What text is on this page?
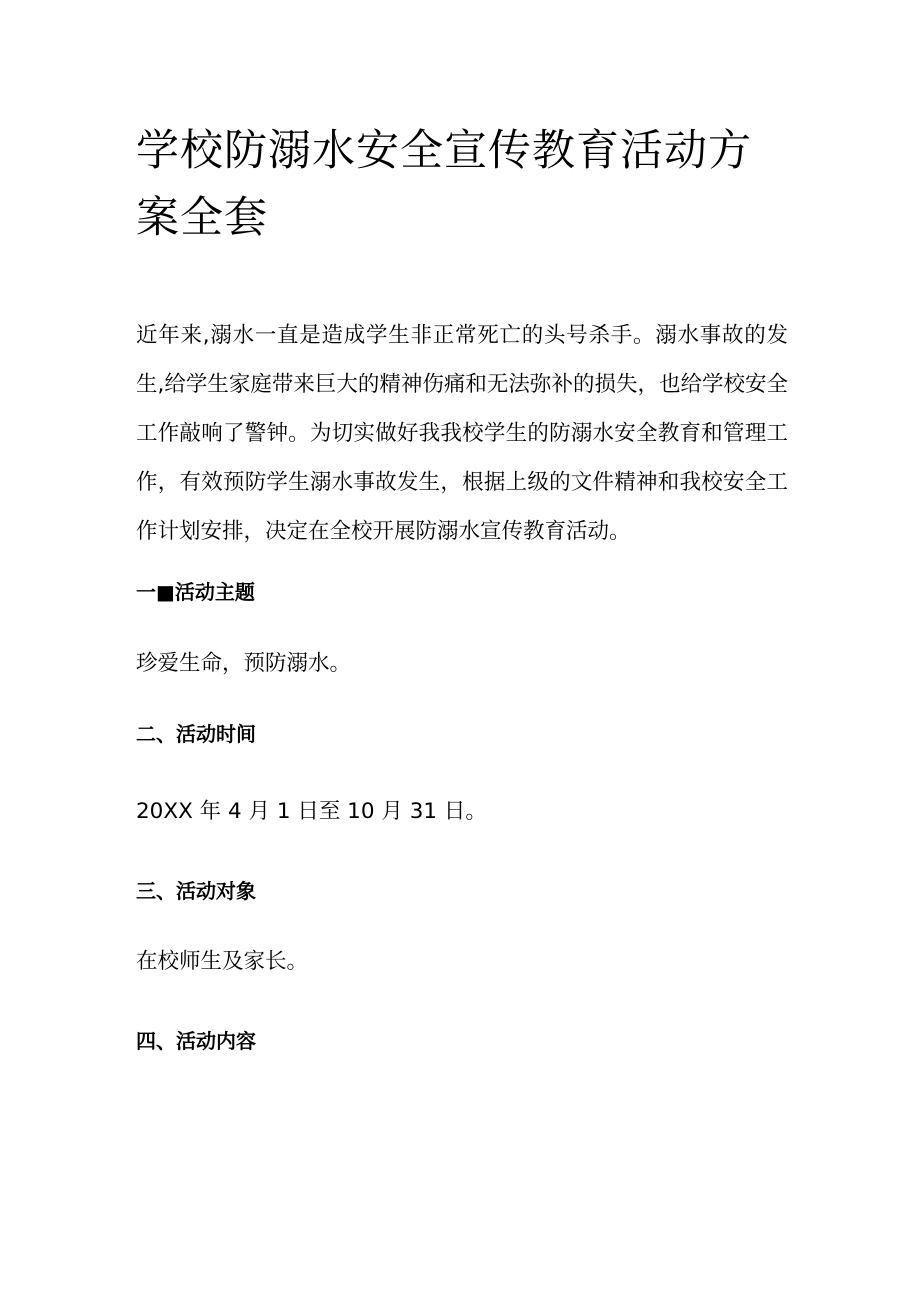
学校防溺水安全宣传教育活动方案全套

近年来,溺水一直是造成学生非正常死亡的头号杀手。溺水事故的发生,给学生家庭带来巨大的精神伤痛和无法弥补的损失，也给学校安全工作敲响了警钟。为切实做好我我校学生的防溺水安全教育和管理工作，有效预防学生溺水事故发生，根据上级的文件精神和我校安全工作计划安排，决定在全校开展防溺水宣传教育活动。

一■活动主题

珍爱生命，预防溺水。

二、活动时间

20XX 年 4 月 1 日至 10 月 31 日。

三、活动对象

在校师生及家长。

四、活动内容
